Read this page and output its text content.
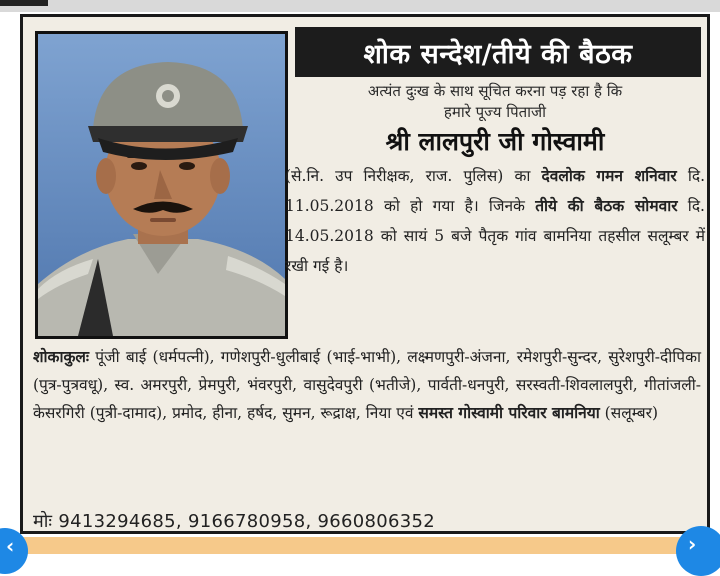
शोक सन्देश/तीये की बैठक

अत्यंत दुःख के साथ सूचित करना पड़ रहा है कि

हमारे पूज्य पिताजी

श्री लालपुरी जी गोस्वामी

(से.नि. उप निरीक्षक, राज. पुलिस) का देवलोक गमन शनिवार दि. 11.05.2018 को हो गया है। जिनके तीये की बैठक सोमवार दि. 14.05.2018 को सायं 5 बजे पैतृक गांव बामनिया तहसील सलूम्बर में रखी गई है।

शोकाकुलः पूंजी बाई (धर्मपत्नी), गणेशपुरी-धुलीबाई (भाई-भाभी), लक्ष्मणपुरी-अंजना, रमेशपुरी-सुन्दर, सुरेशपुरी-दीपिका (पुत्र-पुत्रवधू), स्व. अमरपुरी, प्रेमपुरी, भंवरपुरी, वासुदेवपुरी (भतीजे), पार्वती-धनपुरी, सरस्वती-शिवलालपुरी, गीतांजली-केसरगिरी (पुत्री-दामाद), प्रमोद, हीना, हर्षद, सुमन, रूद्राक्ष, निया एवं समस्त गोस्वामी परिवार बामनिया (सलूम्बर)

मोः 9413294685, 9166780958, 9660806352
‹	›
